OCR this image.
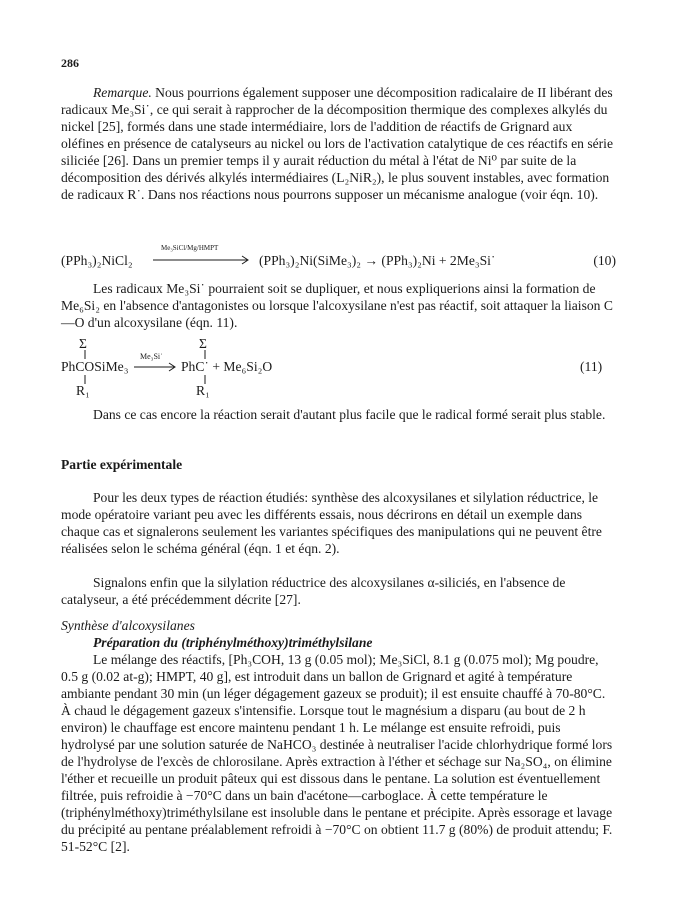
286

Remarque. Nous pourrions également supposer une décomposition radicalaire de II libérant des radicaux Me₃Si˙, ce qui serait à rapprocher de la décomposition thermique des complexes alkylés du nickel [25], formés dans une stade intermédiaire, lors de l'addition de réactifs de Grignard aux oléfines en présence de catalyseurs au nickel ou lors de l'activation catalytique de ces réactifs en série siliciée [26]. Dans un premier temps il y aurait réduction du métal à l'état de Ni⁰ par suite de la décomposition des dérivés alkylés intermédiaires (L₂NiR₂), le plus souvent instables, avec formation de radicaux R˙. Dans nos réactions nous pourrons supposer un mécanisme analogue (voir éqn. 10).

(PPh₃)₂NiCl₂
Me₃SiCl/Mg/HMPT
(PPh₃)₂Ni(SiMe₃)₂ → (PPh₃)₂Ni + 2Me₃Si˙	(10)

Les radicaux Me₃Si˙ pourraient soit se dupliquer, et nous expliquerions ainsi la formation de Me₆Si₂ en l'absence d'antagonistes ou lorsque l'alcoxysilane n'est pas réactif, soit attaquer la liaison C—O d'un alcoxysilane (éqn. 11).

Σ
PhCOSiMe₃
R₁
Me₃Si˙
Σ
PhC˙ + Me₆Si₂O
R₁
(11)

Dans ce cas encore la réaction serait d'autant plus facile que le radical formé serait plus stable.

Partie expérimentale

Pour les deux types de réaction étudiés: synthèse des alcoxysilanes et silylation réductrice, le mode opératoire variant peu avec les différents essais, nous décrirons en détail un exemple dans chaque cas et signalerons seulement les variantes spécifiques des manipulations qui ne peuvent être réalisées selon le schéma général (éqn. 1 et éqn. 2).

Signalons enfin que la silylation réductrice des alcoxysilanes α-siliciés, en l'absence de catalyseur, a été précédemment décrite [27].

Synthèse d'alcoxysilanes

Préparation du (triphénylméthoxy)triméthylsilane

Le mélange des réactifs, [Ph₃COH, 13 g (0.05 mol); Me₃SiCl, 8.1 g (0.075 mol); Mg poudre, 0.5 g (0.02 at-g); HMPT, 40 g], est introduit dans un ballon de Grignard et agité à température ambiante pendant 30 min (un léger dégagement gazeux se produit); il est ensuite chauffé à 70-80°C. À chaud le dégagement gazeux s'intensifie. Lorsque tout le magnésium a disparu (au bout de 2 h environ) le chauffage est encore maintenu pendant 1 h. Le mélange est ensuite refroidi, puis hydrolysé par une solution saturée de NaHCO₃ destinée à neutraliser l'acide chlorhydrique formé lors de l'hydrolyse de l'excès de chlorosilane. Après extraction à l'éther et séchage sur Na₂SO₄, on élimine l'éther et recueille un produit pâteux qui est dissous dans le pentane. La solution est éventuellement filtrée, puis refroidie à −70°C dans un bain d'acétone—carboglace. À cette température le (triphénylméthoxy)triméthylsilane est insoluble dans le pentane et précipite. Après essorage et lavage du précipité au pentane préalablement refroidi à −70°C on obtient 11.7 g (80%) de produit attendu; F. 51-52°C [2].
